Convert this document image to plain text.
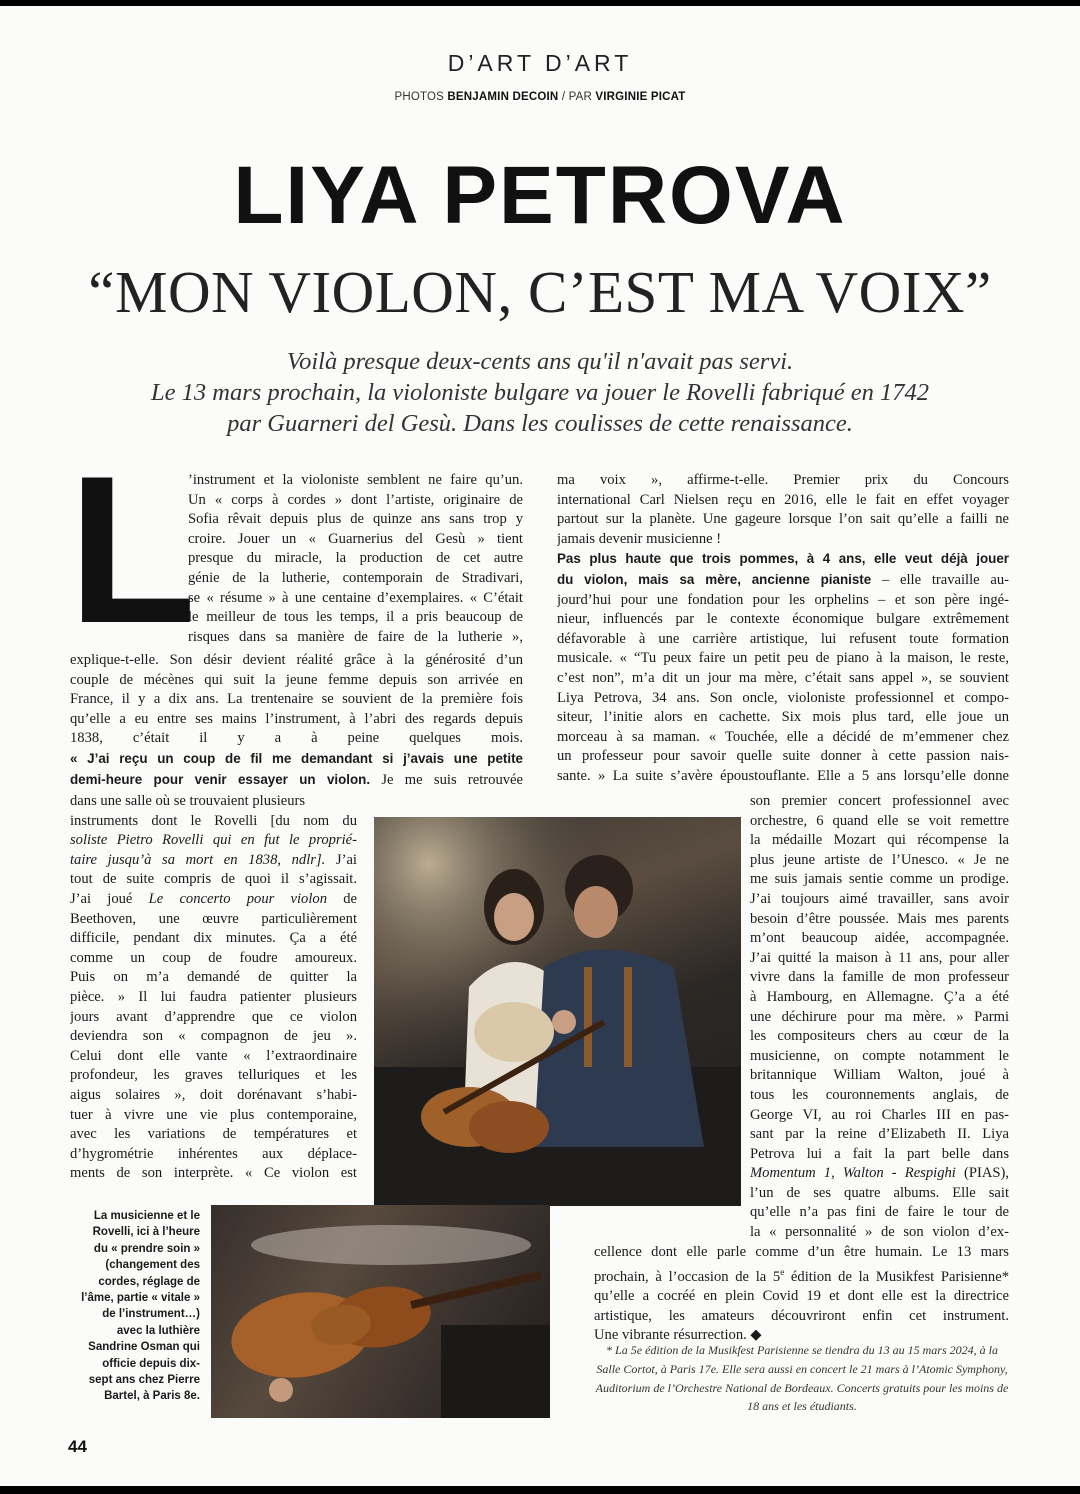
D’ART D’ART
PHOTOS BENJAMIN DECOIN / PAR VIRGINIE PICAT
LIYA PETROVA
“MON VIOLON, C’EST MA VOIX”
Voilà presque deux-cents ans qu'il n'avait pas servi.
Le 13 mars prochain, la violoniste bulgare va jouer le Rovelli fabriqué en 1742
par Guarneri del Gesù. Dans les coulisses de cette renaissance.
L
’instrument et la violoniste semblent ne faire qu’un.
Un « corps à cordes » dont l’artiste, originaire de
Sofia rêvait depuis plus de quinze ans sans trop y
croire. Jouer un « Guarnerius del Gesù » tient
presque du miracle, la production de cet autre
génie de la lutherie, contemporain de Stradivari,
se « résume » à une centaine d’exemplaires. « C’était
le meilleur de tous les temps, il a pris beaucoup de
risques dans sa manière de faire de la lutherie »,
explique-t-elle. Son désir devient réalité grâce à la générosité d’un
couple de mécènes qui suit la jeune femme depuis son arrivée en
France, il y a dix ans. La trentenaire se souvient de la première fois
qu’elle a eu entre ses mains l’instrument, à l’abri des regards depuis
1838, c’était il y a à peine quelques mois.
« J’ai reçu un coup de fil me demandant si j’avais une petite
demi-heure pour venir essayer un violon. Je me suis retrouvée
dans une salle où se trouvaient plusieurs
instruments dont le Rovelli [du nom du
soliste Pietro Rovelli qui en fut le proprié-
taire jusqu’à sa mort en 1838, ndlr]. J’ai
tout de suite compris de quoi il s’agissait.
J’ai joué Le concerto pour violon de
Beethoven, une œuvre particulièrement
difficile, pendant dix minutes. Ça a été
comme un coup de foudre amoureux.
Puis on m’a demandé de quitter la
pièce. » Il lui faudra patienter plusieurs
jours avant d’apprendre que ce violon
deviendra son « compagnon de jeu ».
Celui dont elle vante « l’extraordinaire
profondeur, les graves telluriques et les
aigus solaires », doit dorénavant s’habi-
tuer à vivre une vie plus contemporaine,
avec les variations de températures et
d’hygrométrie inhérentes aux déplace-
ments de son interprète. « Ce violon est
ma voix », affirme-t-elle. Premier prix du Concours
international Carl Nielsen reçu en 2016, elle le fait en effet voyager
partout sur la planète. Une gageure lorsque l’on sait qu’elle a failli ne
jamais devenir musicienne !
Pas plus haute que trois pommes, à 4 ans, elle veut déjà jouer
du violon, mais sa mère, ancienne pianiste – elle travaille au-
jourd’hui pour une fondation pour les orphelins – et son père ingé-
nieur, influencés par le contexte économique bulgare extrêmement
défavorable à une carrière artistique, lui refusent toute formation
musicale. « “Tu peux faire un petit peu de piano à la maison, le reste,
c’est non”, m’a dit un jour ma mère, c’était sans appel », se souvient
Liya Petrova, 34 ans. Son oncle, violoniste professionnel et compo-
siteur, l’initie alors en cachette. Six mois plus tard, elle joue un
morceau à sa maman. « Touchée, elle a décidé de m’emmener chez
un professeur pour savoir quelle suite donner à cette passion nais-
sante. » La suite s’avère époustouflante. Elle a 5 ans lorsqu’elle donne
son premier concert professionnel avec
orchestre, 6 quand elle se voit remettre
la médaille Mozart qui récompense la
plus jeune artiste de l’Unesco. « Je ne
me suis jamais sentie comme un prodige.
J’ai toujours aimé travailler, sans avoir
besoin d’être poussée. Mais mes parents
m’ont beaucoup aidée, accompagnée.
J’ai quitté la maison à 11 ans, pour aller
vivre dans la famille de mon professeur
à Hambourg, en Allemagne. Ç’a a été
une déchirure pour ma mère. » Parmi
les compositeurs chers au cœur de la
musicienne, on compte notamment le
britannique William Walton, joué à
tous les couronnements anglais, de
George VI, au roi Charles III en pas-
sant par la reine d’Elizabeth II. Liya
Petrova lui a fait la part belle dans
Momentum 1, Walton - Respighi (PIAS),
l’un de ses quatre albums. Elle sait
qu’elle n’a pas fini de faire le tour de
la « personnalité » de son violon d’ex-
cellence dont elle parle comme d’un être humain. Le 13 mars
prochain, à l’occasion de la 5e édition de la Musikfest Parisienne*
qu’elle a cocréé en plein Covid 19 et dont elle est la directrice
artistique, les amateurs découvriront enfin cet instrument.
Une vibrante résurrection. ◆
La musicienne et le Rovelli, ici à l’heure du « prendre soin » (changement des cordes, réglage de l’âme, partie « vitale » de l’instrument…) avec la luthière Sandrine Osman qui officie depuis dix-sept ans chez Pierre Bartel, à Paris 8e.
* La 5e édition de la Musikfest Parisienne se tiendra du 13 au 15 mars 2024, à la Salle Cortot, à Paris 17e. Elle sera aussi en concert le 21 mars à l’Atomic Symphony, Auditorium de l’Orchestre National de Bordeaux. Concerts gratuits pour les moins de 18 ans et les étudiants.
44
